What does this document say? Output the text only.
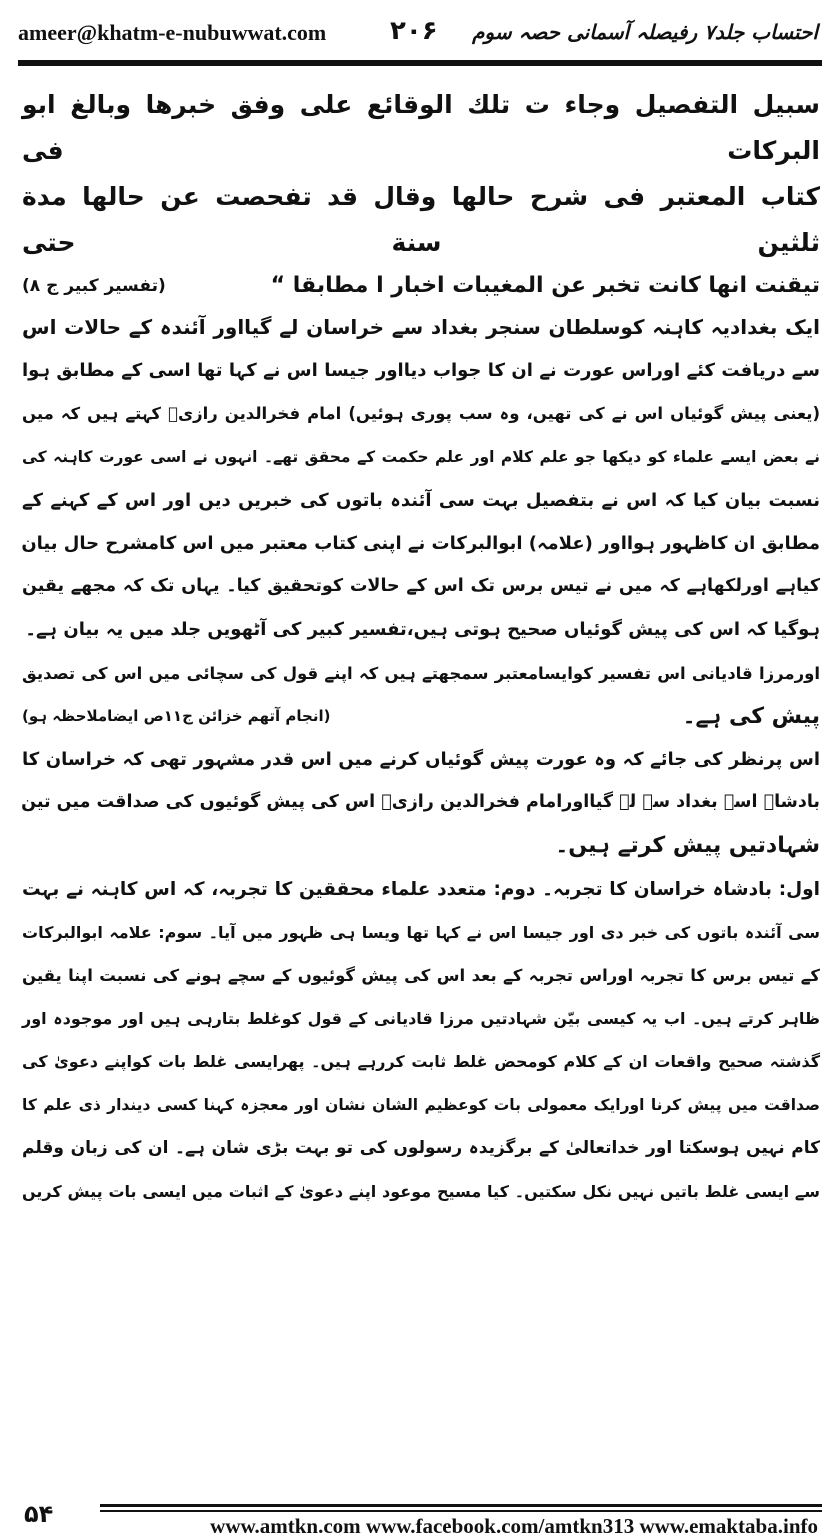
ameer@khatm-e-nubuwwat.com ۲۰۶ احتساب جلد۷ رفیصلہ آسمانی حصہ سوم

سبيل التفصيل وجاء ت تلك الوقائع على وفق خبرها وبالغ ابو البركات فى

كتاب المعتبر فى شرح حالها وقال قد تفحصت عن حالها مدة ثلثين سنة حتى

تيقنت انها كانت تخبر عن المغيبات اخبار ا مطابقا “
(تفسير كبير ج ۸)
ایک بغدادیہ کاہنہ کوسلطان سنجر بغداد سے خراسان لے گیااور آئندہ کے حالات اس
سے دریافت کئے اوراس عورت نے ان کا جواب دیااور جیسا اس نے کہا تھا اسی کے مطابق ہوا
(یعنی پیش گوئیاں اس نے کی تھیں، وہ سب پوری ہوئیں) امام فخرالدین رازیؒ کہتے ہیں کہ میں
نے بعض ایسے علماء کو دیکھا جو علم کلام اور علم حکمت کے محقق تھے۔ انہوں نے اسی عورت کاہنہ کی
نسبت بیان کیا کہ اس نے بتفصیل بہت سی آئندہ باتوں کی خبریں دیں اور اس کے کہنے کے
مطابق ان کاظہور ہوااور (علامہ) ابوالبرکات نے اپنی کتاب معتبر میں اس کامشرح حال بیان
کیاہے اورلکھاہے کہ میں نے تیس برس تک اس کے حالات کوتحقیق کیا۔ یہاں تک کہ مجھے یقین
ہوگیا کہ اس کی پیش گوئیاں صحیح ہوتی ہیں،تفسیر کبیر کی آٹھویں جلد میں یہ بیان ہے۔
اورمرزا قادیانی اس تفسیر کوایسامعتبر سمجھتے ہیں کہ اپنے قول کی سچائی میں اس کی تصدیق
پیش کی ہے۔
(انجام آتھم خزائن ج۱۱ص ایضاملاحظہ ہو)
اس پرنظر کی جائے کہ وہ عورت پیش گوئیاں کرنے میں اس قدر مشہور تھی کہ خراسان کا
بادشاہ اسے بغداد سے لے گیااورامام فخرالدین رازیؒ اس کی پیش گوئیوں کی صداقت میں تین
شہادتیں پیش کرتے ہیں۔
اول: بادشاہ خراسان کا تجربہ۔ دوم: متعدد علماء محققین کا تجربہ، کہ اس کاہنہ نے بہت
سی آئندہ باتوں کی خبر دی اور جیسا اس نے کہا تھا ویسا ہی ظہور میں آیا۔ سوم: علامہ ابوالبرکات
کے تیس برس کا تجربہ اوراس تجربہ کے بعد اس کی پیش گوئیوں کے سچے ہونے کی نسبت اپنا یقین
ظاہر کرتے ہیں۔ اب یہ کیسی بیّن شہادتیں مرزا قادیانی کے قول کوغلط بتارہی ہیں اور موجودہ اور
گذشتہ صحیح واقعات ان کے کلام کومحض غلط ثابت کررہے ہیں۔ پھرایسی غلط بات کواپنے دعویٰ کی
صداقت میں پیش کرنا اورایک معمولی بات کوعظیم الشان نشان اور معجزہ کہنا کسی دیندار ذی علم کا
کام نہیں ہوسکتا اور خداتعالیٰ کے برگزیدہ رسولوں کی تو بہت بڑی شان ہے۔ ان کی زبان وقلم
سے ایسی غلط باتیں نہیں نکل سکتیں۔ کیا مسیح موعود اپنے دعویٰ کے اثبات میں ایسی بات پیش کریں
۵۴	www.amtkn.com www.facebook.com/amtkn313 www.emaktaba.info
